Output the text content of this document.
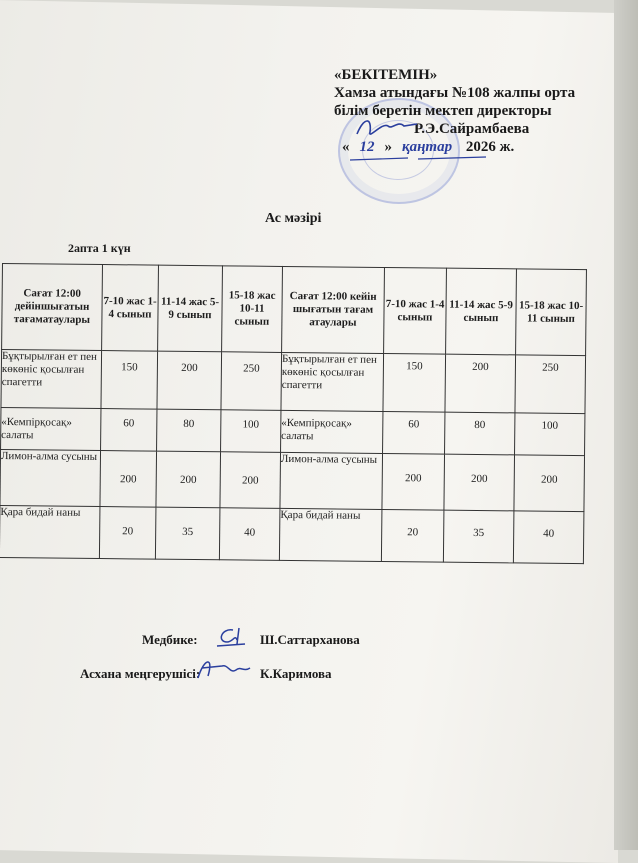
«БЕКІТЕМІН»
Хамза атындағы №108 жалпы орта
білім беретін мектеп директоры
Р.Э.Сайрамбаева
« 12 » қаңтар 2026 ж.
Ас мәзірі
2апта 1 күн
Сағат 12:00 дейіншығатын тағаматаулары	7-10 жас 1-4 сынып	11-14 жас 5-9 сынып	15-18 жас 10-11 сынып	Сағат 12:00 кейін шығатын тағам атаулары	7-10 жас 1-4 сынып	11-14 жас 5-9 сынып	15-18 жас 10-11 сынып
Бұқтырылған ет пен көкөніс қосылған спагетти	150	200	250	Бұқтырылған ет пен көкөніс қосылған спагетти	150	200	250
«Кемпірқосақ» салаты	60	80	100	«Кемпірқосақ» салаты	60	80	100
Лимон-алма сусыны	200	200	200	Лимон-алма сусыны	200	200	200
Қара бидай наны	20	35	40	Қара бидай наны	20	35	40
Медбике:	Ш.Саттарханова
Асхана меңгерушісі:	К.Каримова
